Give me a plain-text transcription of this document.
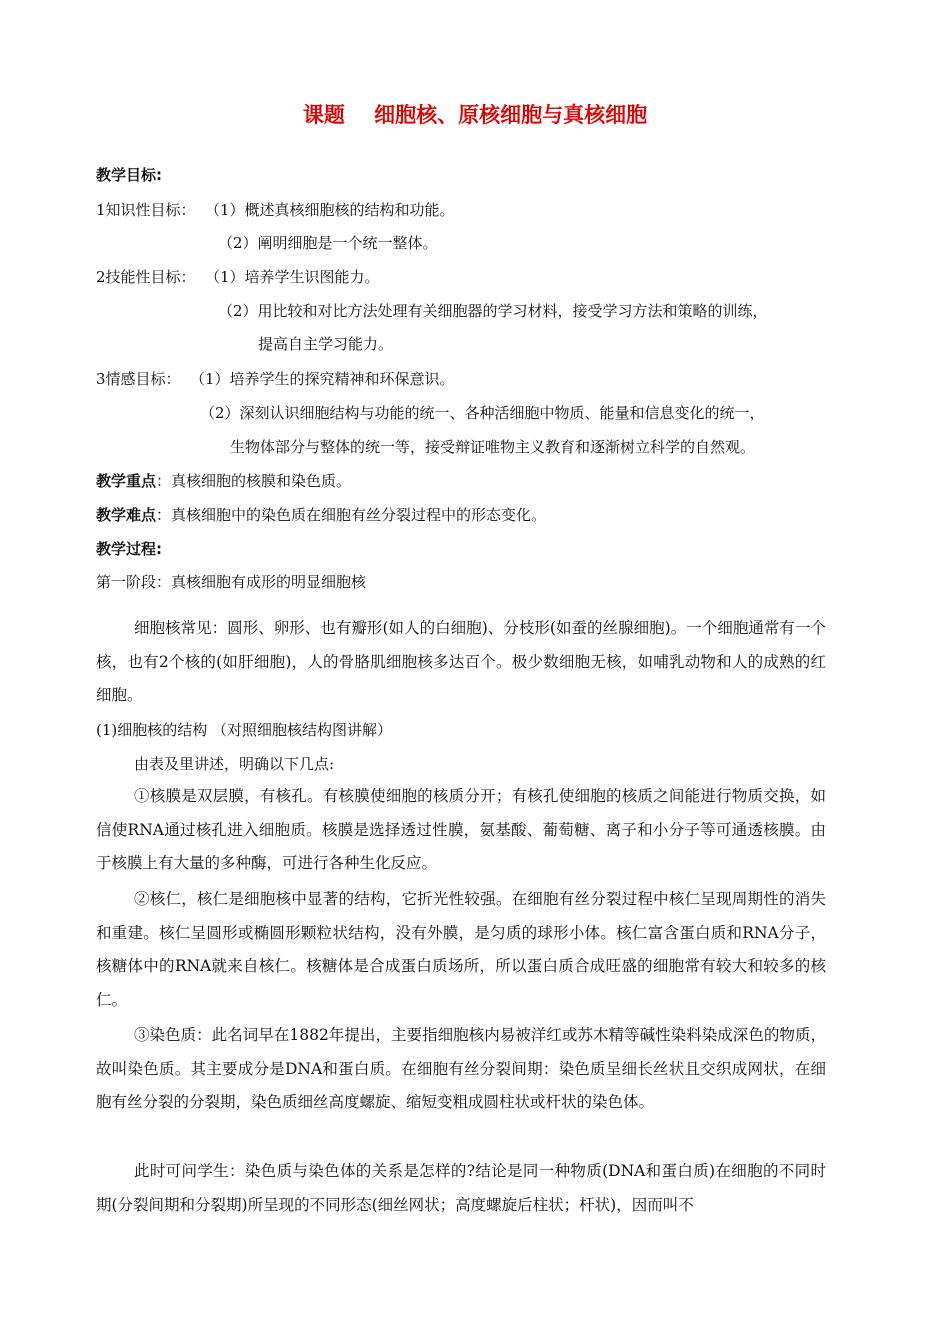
课题    细胞核、原核细胞与真核细胞
教学目标:
1知识性目标： （1）概述真核细胞核的结构和功能。
（2）阐明细胞是一个统一整体。
2技能性目标： （1）培养学生识图能力。
（2）用比较和对比方法处理有关细胞器的学习材料，接受学习方法和策略的训练，
提高自主学习能力。
3情感目标： （1）培养学生的探究精神和环保意识。
（2）深刻认识细胞结构与功能的统一、各种活细胞中物质、能量和信息变化的统一，
生物体部分与整体的统一等，接受辩证唯物主义教育和逐渐树立科学的自然观。
教学重点：真核细胞的核膜和染色质。
教学难点：真核细胞中的染色质在细胞有丝分裂过程中的形态变化。
教学过程:
第一阶段：真核细胞有成形的明显细胞核
细胞核常见：圆形、卵形、也有瓣形(如人的白细胞)、分枝形(如蚕的丝腺细胞)。一个细胞通常有一个核，也有2个核的(如肝细胞)，人的骨胳肌细胞核多达百个。极少数细胞无核，如哺乳动物和人的成熟的红细胞。
(1)细胞核的结构 （对照细胞核结构图讲解）
由表及里讲述，明确以下几点:
①核膜是双层膜，有核孔。有核膜使细胞的核质分开；有核孔使细胞的核质之间能进行物质交换，如信使RNA通过核孔进入细胞质。核膜是选择透过性膜，氨基酸、葡萄糖、离子和小分子等可通透核膜。由于核膜上有大量的多种酶，可进行各种生化反应。
②核仁，核仁是细胞核中显著的结构，它折光性较强。在细胞有丝分裂过程中核仁呈现周期性的消失和重建。核仁呈圆形或椭圆形颗粒状结构，没有外膜，是匀质的球形小体。核仁富含蛋白质和RNA分子，核糖体中的RNA就来自核仁。核糖体是合成蛋白质场所，所以蛋白质合成旺盛的细胞常有较大和较多的核仁。
③染色质：此名词早在1882年提出，主要指细胞核内易被洋红或苏木精等碱性染料染成深色的物质，故叫染色质。其主要成分是DNA和蛋白质。在细胞有丝分裂间期：染色质呈细长丝状且交织成网状，在细胞有丝分裂的分裂期，染色质细丝高度螺旋、缩短变粗成圆柱状或杆状的染色体。
此时可问学生：染色质与染色体的关系是怎样的?结论是同一种物质(DNA和蛋白质)在细胞的不同时期(分裂间期和分裂期)所呈现的不同形态(细丝网状；高度螺旋后柱状；杆状)，因而叫不
